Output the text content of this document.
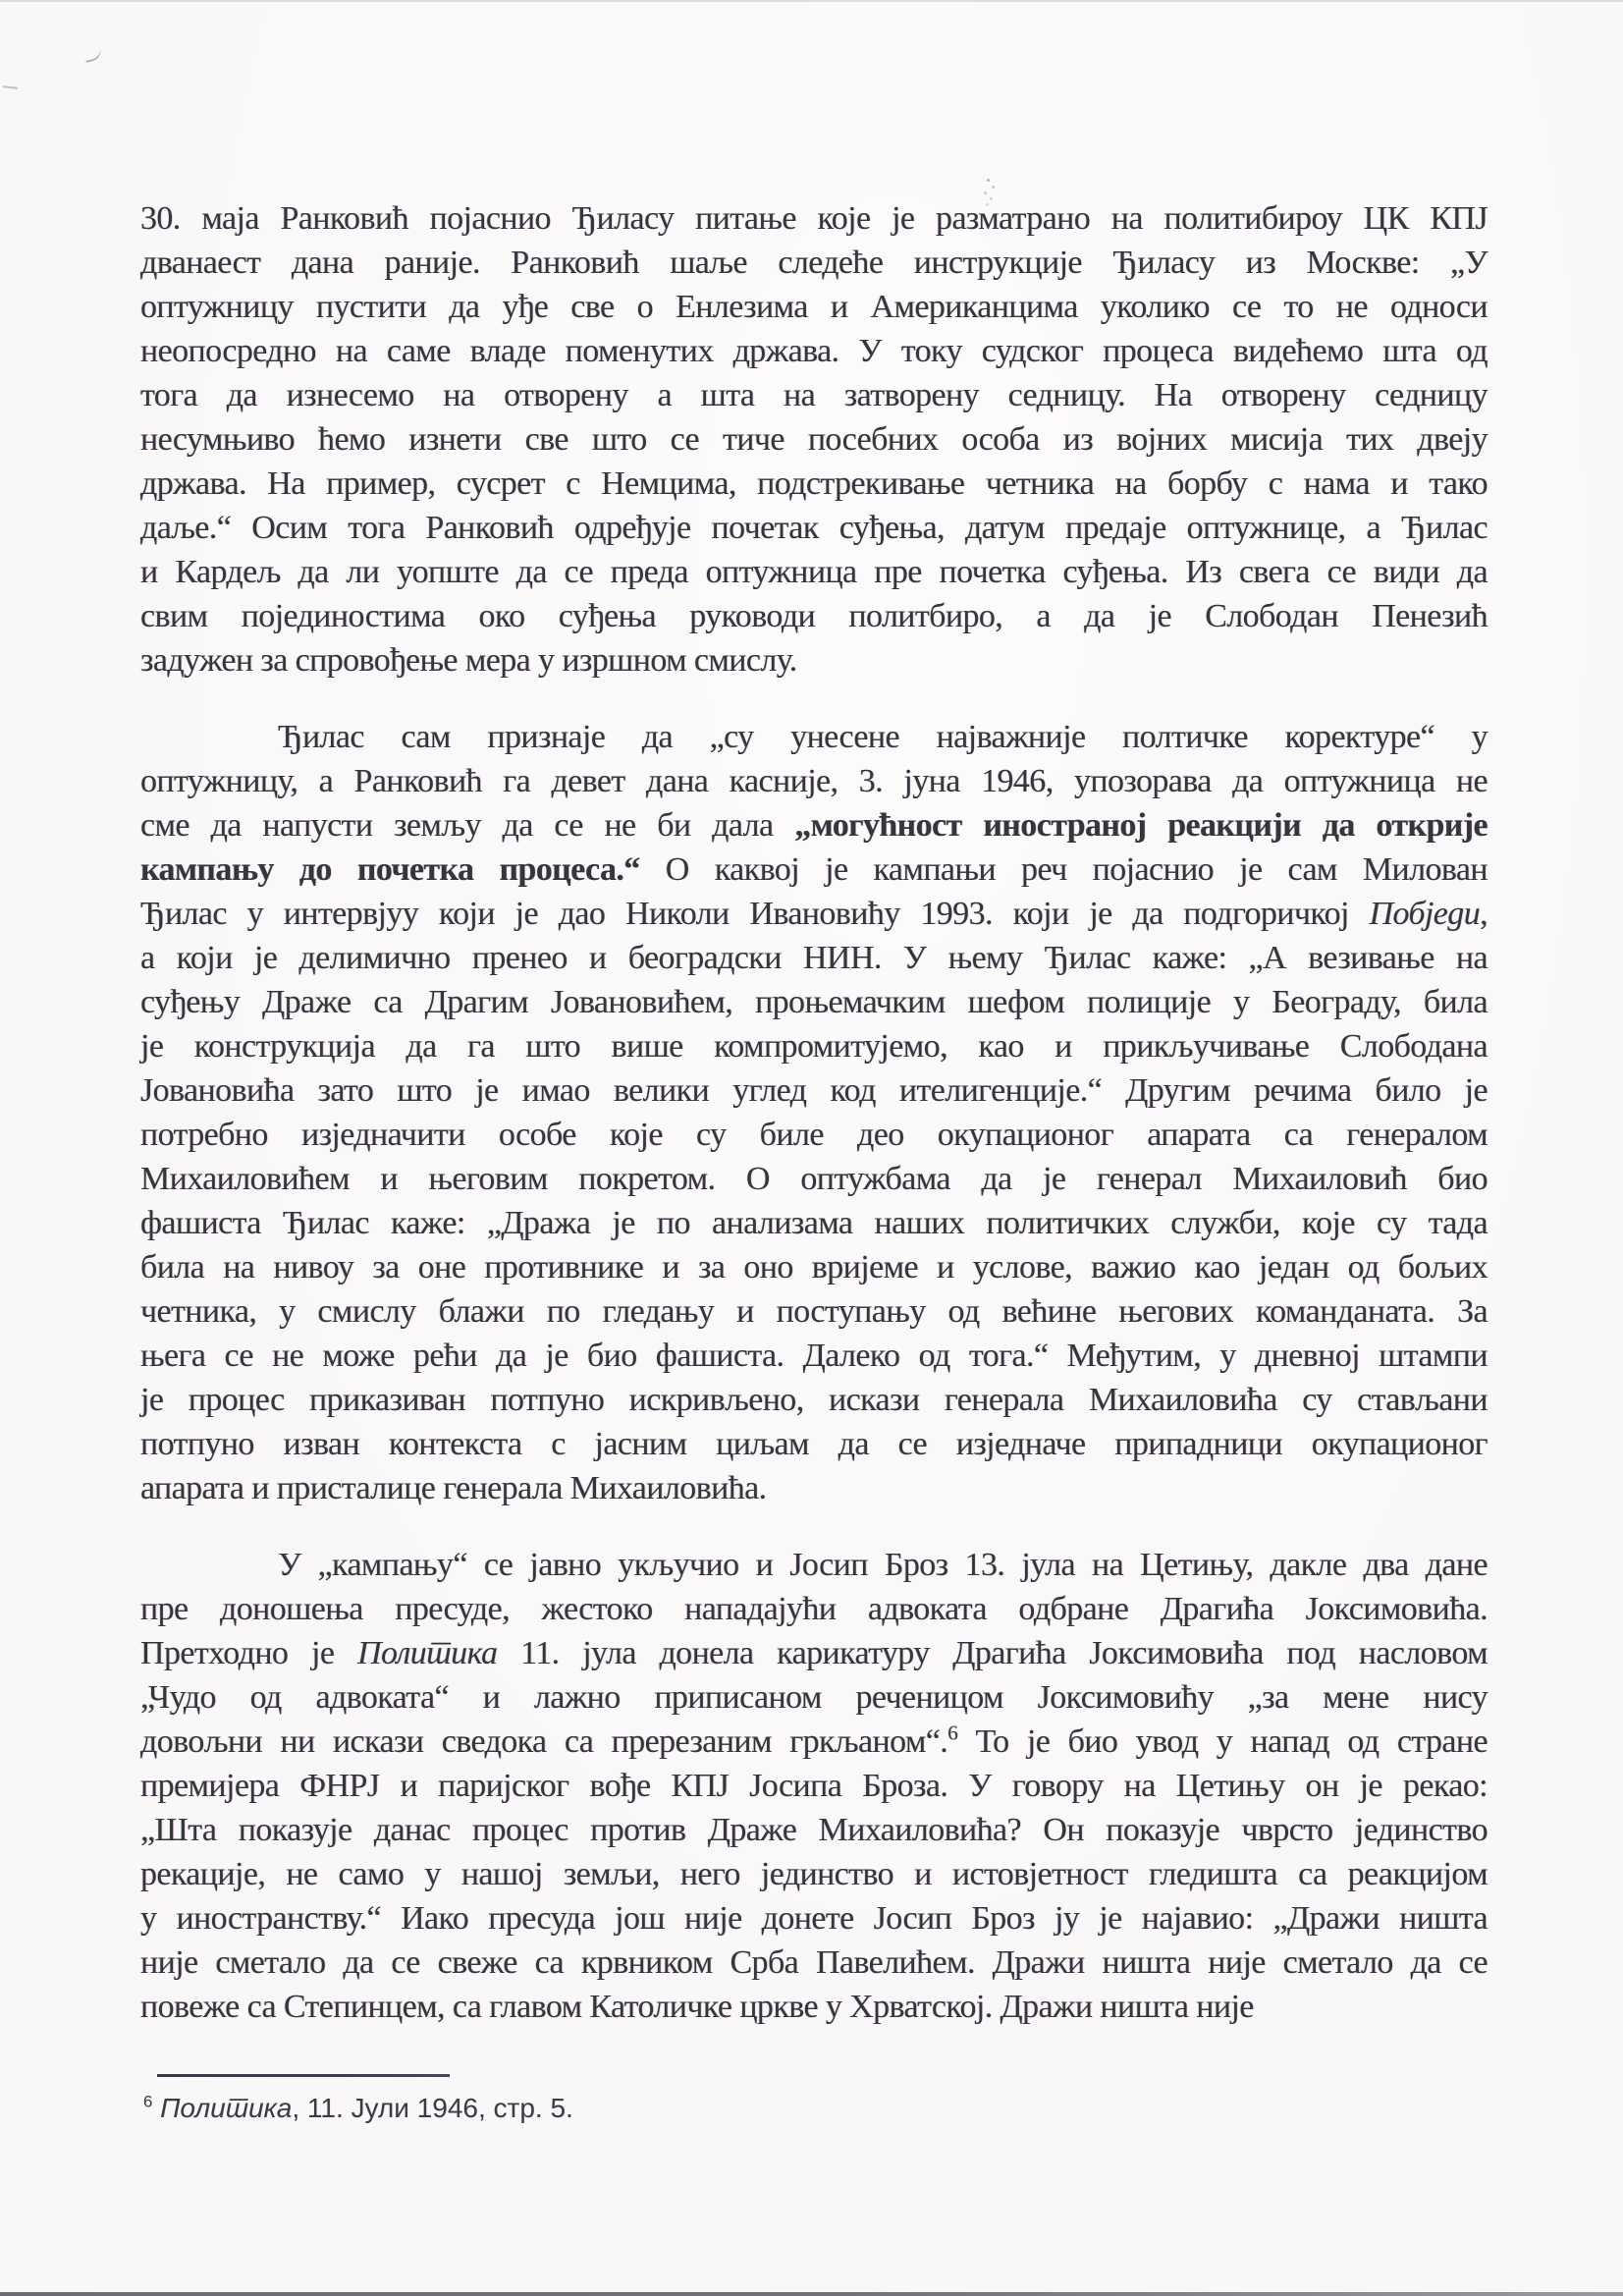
30. маја Ранковић појаснио Ђиласу питање које је разматрано на политибироу ЦК КПЈ
дванаест дана раније. Ранковић шаље следеће инструкције Ђиласу из Москве: „У
оптужницу пустити да уђе све о Енлезима и Американцима уколико се то не односи
неопосредно на саме владе поменутих држава. У току судског процеса видећемо шта од
тога да изнесемо на отворену а шта на затворену седницу. На отворену седницу
несумњиво ћемо изнети све што се тиче посебних особа из војних мисија тих двеју
држава. На пример, сусрет с Немцима, подстрекивање четника на борбу с нама и тако
даље.“ Осим тога Ранковић одређује почетак суђења, датум предаје оптужнице, а Ђилас
и Кардељ да ли уопште да се преда оптужница пре почетка суђења. Из свега се види да
свим појединостима око суђења руководи политбиро, а да је Слободан Пенезић
задужен за спровођење мера у изршном смислу.
Ђилас сам признаје да „су унесене најважније полтичке коректуре“ у
оптужницу, а Ранковић га девет дана касније, 3. јуна 1946, упозорава да оптужница не
сме да напусти земљу да се не би дала „могућност иностраној реакцији да открије
кампању до почетка процеса.“ О каквој је кампањи реч појаснио је сам Милован
Ђилас у интервјуу који је дао Николи Ивановићу 1993. који је да подгоричкој Побједи,
а који је делимично пренео и београдски НИН. У њему Ђилас каже: „А везивање на
суђењу Драже са Драгим Јовановићем, проњемачким шефом полиције у Београду, била
је конструкција да га што више компромитујемо, као и прикључивање Слободана
Јовановића зато што је имао велики углед код ителигенције.“ Другим речима било је
потребно изједначити особе које су биле део окупационог апарата са генералом
Михаиловићем и његовим покретом. О оптужбама да је генерал Михаиловић био
фашиста Ђилас каже: „Дража је по анализама наших политичких служби, које су тада
била на нивоу за оне противнике и за оно вријеме и услове, важио као један од бољих
четника, у смислу блажи по гледању и поступању од већине његових команданата. За
њега се не може рећи да је био фашиста. Далеко од тога.“ Међутим, у дневној штампи
је процес приказиван потпуно искривљено, искази генерала Михаиловића су стављани
потпуно изван контекста с јасним циљам да се изједначе припадници окупационог
апарата и присталице генерала Михаиловића.
У „кампању“ се јавно укључио и Јосип Броз 13. јула на Цетињу, дакле два дане
пре доношења пресуде, жестоко нападајући адвоката одбране Драгића Јоксимовића.
Претходно је Политика 11. јула донела карикатуру Драгића Јоксимовића под насловом
„Чудо од адвоката“ и лажно приписаном реченицом Јоксимовићу „за мене нису
довољни ни искази сведока са пререзаним гркљаном“.$^6$ То је био увод у напад од стране
премијера ФНРЈ и паријског вође КПЈ Јосипа Броза. У говору на Цетињу он је рекао:
„Шта показује данас процес против Драже Михаиловића? Он показује чврсто јединство
рекације, не само у нашој земљи, него јединство и истовјетност гледишта са реакцијом
у иностранству.“ Иако пресуда још није донете Јосип Броз ју је најавио: „Дражи ништа
није сметало да се свеже са крвником Срба Павелићем. Дражи ништа није сметало да се
повеже са Степинцем, са главом Католичке цркве у Хрватској. Дражи ништа није
$^6$ Политика, 11. Јули 1946, стр. 5.
